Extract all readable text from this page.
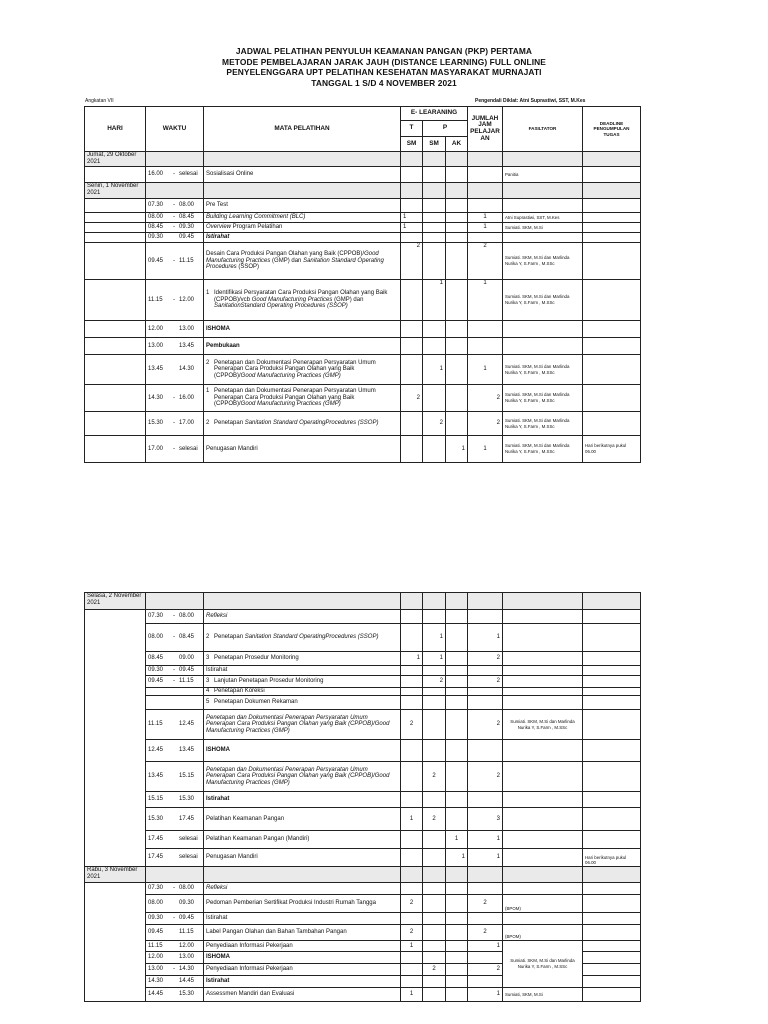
JADWAL PELATIHAN PENYULUH KEAMANAN PANGAN (PKP) PERTAMA
METODE PEMBELAJARAN JARAK JAUH (DISTANCE LEARNING) FULL ONLINE
PENYELENGGARA UPT PELATIHAN KESEHATAN MASYARAKAT MURNAJATI
TANGGAL 1 S/D 4 NOVEMBER 2021
Angkatan VII	Pengendali Diklat: Atni Suprastiwi, SST, M.Kes
HARI	WAKTU	MATA PELATIHAN	E- LEARANING			JUMLAH JAM PELAJAR AN	FASILTATOR	DEADLINE PENGUMPULAN TUGAS
			T	P				
			SM	SM	AK			
Jumat, 29 Oktober 2021								
	16.00 - selesai	Sosialisasi Online					Panitia	
Senin, 1 November 2021								
	07.30 - 08.00	Pre Test						
	08.00 - 08.45	Building Learning Commitment (BLC)	1			1	Atni Suprastiwi, SST, M.Kes	
	08.45 - 09.30	Overview Program Pelatihan	1			1	Sumiati. SKM, M.Si	
	09.30 09.45	Istirahat						
	09.45 - 11.15	Desain Cara Produksi Pangan Olahan yang Baik (CPPOB)/Good Manufacturing Practices (GMP) dan Sanitation Standard Operating Procedures (SSOP)	2			2	Sumiati. SKM, M.Si dan Marlinda Nurika Y, S.Farm , M.SSc	
	11.15 - 12.00	1 Identifikasi Persyaratan Cara Produksi Pangan Olahan yang Baik (CPPOB)/vcb Good Manufacturing Practices (GMP) dan SanitationStandard Operating Procedures (SSOP)		1		1	Sumiati. SKM, M.Si dan Marlinda Nurika Y, S.Farm , M.SSc	
	12.00 13.00	ISHOMA						
	13.00 13.45	Pembukaan						
	13.45 14.30	2 Penetapan dan Dokumentasi Penerapan Persyaratan Umum Penerapan Cara Produksi Pangan Olahan yang Baik (CPPOB)/Good Manufacturing Practices (GMP)		1		1	Sumiati. SKM, M.Si dan Marlinda Nurika Y, S.Farm , M.SSc	
	14.30 - 16.00	1 Penetapan dan Dokumentasi Penerapan Persyaratan Umum Penerapan Cara Produksi Pangan Olahan yang Baik (CPPOB)/Good Manufacturing Practices (GMP)	2			2	Sumiati. SKM, M.Si dan Marlinda Nurika Y, S.Farm , M.SSc	
	15.30 - 17.00	2 Penetapan Sanitation Standard OperatingProcedures (SSOP)		2		2	Sumiati. SKM, M.Si dan Marlinda Nurika Y, S.Farm , M.SSc	
	17.00 - selesai	Penugasan Mandiri			1	1	Sumiati. SKM, M.Si dan Marlinda Nurika Y, S.Farm , M.SSc	Hari berikutnya pukul 06.00
Selasa, 2 November 2021								
	07.30 - 08.00	Refleksi						
	08.00 - 08.45	2 Penetapan Sanitation Standard OperatingProcedures (SSOP)		1		1		
	08.45 09.00	3 Penetapan Prosedur Monitoring	1	1		2		
	09.30 - 09.45	Istirahat						
	09.45 - 11.15	3 Lanjutan Penetapan Prosedur Monitoring		2		2		
		4 Penetapan Koreksi						
		5 Penetapan Dokumen Rekaman						
	11.15 12.45	Penetapan dan Dokumentasi Penerapan Persyaratan Umum Penerapan Cara Produksi Pangan Olahan yang Baik (CPPOB)/Good Manufacturing Practices (GMP)	2			2	Sumiati. SKM, M.Si dan Marlinda Nurika Y, S.Farm , M.SSc	
	12.45 13.45	ISHOMA						
	13.45 15.15	Penetapan dan Dokumentasi Penerapan Persyaratan Umum Penerapan Cara Produksi Pangan Olahan yang Baik (CPPOB)/Good Manufacturing Practices (GMP)		2		2		
	15.15 15.30	Istirahat						
	15.30 17.45	Pelatihan Keamanan Pangan	1	2		3		
	17.45 selesai	Pelatihan Keamanan Pangan (Mandiri)			1	1		
	17.45 selesai	Penugasan Mandiri			1	1		Hari berikutnya pukul 06.00
Rabu, 3 November 2021								
	07.30 - 08.00	Refleksi						
	08.00 09.30	Pedoman Pemberian Sertifikat Produksi Industri Rumah Tangga	2			2	(BPOM)	
	09.30 - 09.45	Istirahat						
	09.45 11.15	Label Pangan Olahan dan Bahan Tambahan Pangan	2			2	(BPOM)	
	11.15 12.00	Penyediaan Informasi Pekerjaan	1			1	Sumiati. SKM, M.Si dan Marlinda Nurika Y, S.Farm , M.SSc	
	12.00 13.00	ISHOMA						
	13.00 - 14.30	Penyediaan Informasi Pekerjaan		2		2		
	14.30 14.45	Istirahat						
	14.45 15.30	Assessmen Mandiri dan Evaluasi	1			1	Sumiati, SKM, M.Si	
